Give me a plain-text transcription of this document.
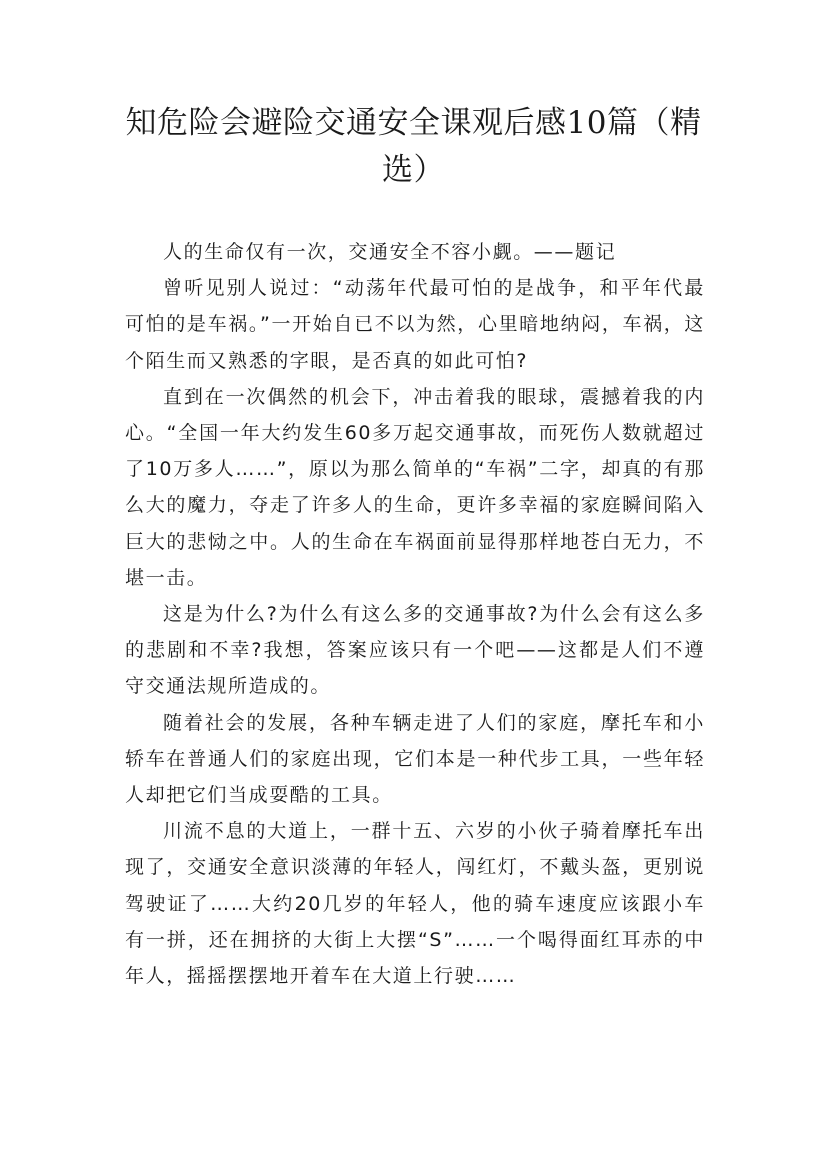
知危险会避险交通安全课观后感10篇（精选）

人的生命仅有一次，交通安全不容小觑。——题记

曾听见别人说过：“动荡年代最可怕的是战争，和平年代最可怕的是车祸。”一开始自已不以为然，心里暗地纳闷，车祸，这个陌生而又熟悉的字眼，是否真的如此可怕?

直到在一次偶然的机会下，冲击着我的眼球，震撼着我的内心。“全国一年大约发生60多万起交通事故，而死伤人数就超过了10万多人……”，原以为那么简单的“车祸”二字，却真的有那么大的魔力，夺走了许多人的生命，更许多幸福的家庭瞬间陷入巨大的悲恸之中。人的生命在车祸面前显得那样地苍白无力，不堪一击。

这是为什么?为什么有这么多的交通事故?为什么会有这么多的悲剧和不幸?我想，答案应该只有一个吧——这都是人们不遵守交通法规所造成的。

随着社会的发展，各种车辆走进了人们的家庭，摩托车和小轿车在普通人们的家庭出现，它们本是一种代步工具，一些年轻人却把它们当成耍酷的工具。

川流不息的大道上，一群十五、六岁的小伙子骑着摩托车出现了，交通安全意识淡薄的年轻人，闯红灯，不戴头盔，更别说驾驶证了……大约20几岁的年轻人，他的骑车速度应该跟小车有一拼，还在拥挤的大街上大摆“S”……一个喝得面红耳赤的中年人，摇摇摆摆地开着车在大道上行驶……
